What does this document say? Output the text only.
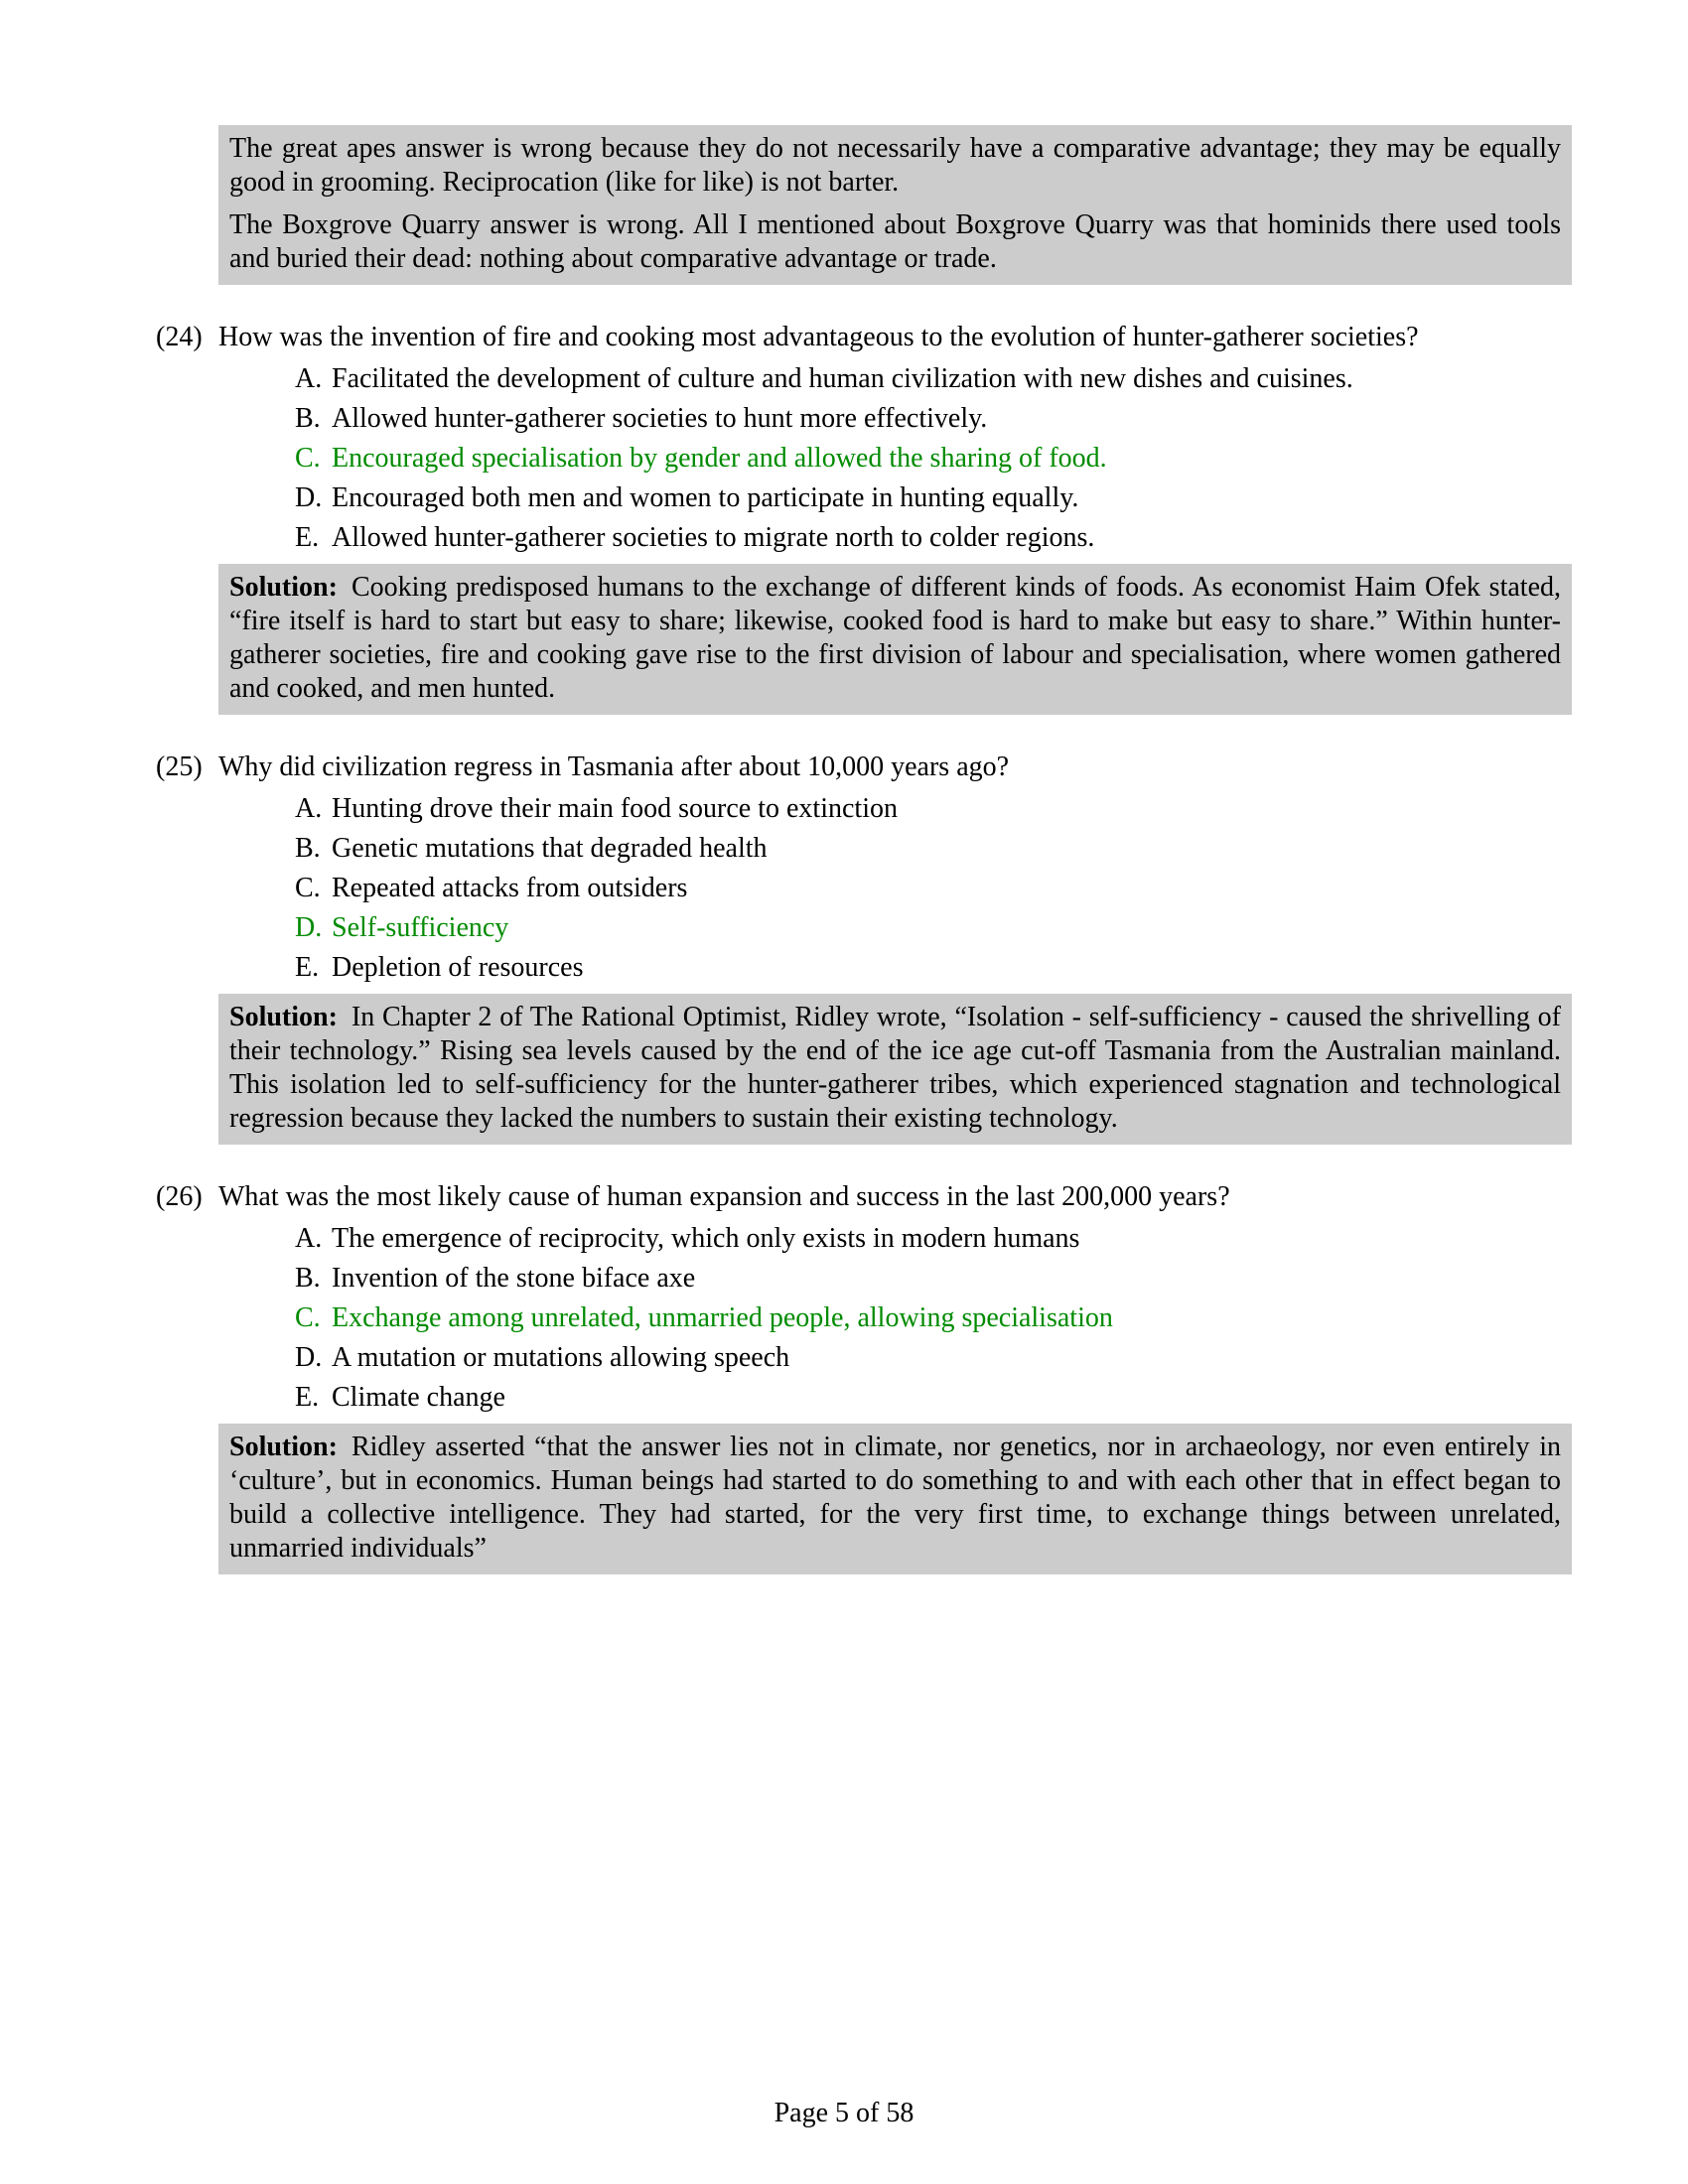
The great apes answer is wrong because they do not necessarily have a comparative advantage; they may be equally good in grooming. Reciprocation (like for like) is not barter.

The Boxgrove Quarry answer is wrong. All I mentioned about Boxgrove Quarry was that hominids there used tools and buried their dead: nothing about comparative advantage or trade.

(24) How was the invention of fire and cooking most advantageous to the evolution of hunter-gatherer societies?
A. Facilitated the development of culture and human civilization with new dishes and cuisines.
B. Allowed hunter-gatherer societies to hunt more effectively.
C. Encouraged specialisation by gender and allowed the sharing of food.
D. Encouraged both men and women to participate in hunting equally.
E. Allowed hunter-gatherer societies to migrate north to colder regions.
Solution: Cooking predisposed humans to the exchange of different kinds of foods. As economist Haim Ofek stated, “fire itself is hard to start but easy to share; likewise, cooked food is hard to make but easy to share.” Within hunter-gatherer societies, fire and cooking gave rise to the first division of labour and specialisation, where women gathered and cooked, and men hunted.
(25) Why did civilization regress in Tasmania after about 10,000 years ago?
A. Hunting drove their main food source to extinction
B. Genetic mutations that degraded health
C. Repeated attacks from outsiders
D. Self-sufficiency
E. Depletion of resources
Solution: In Chapter 2 of The Rational Optimist, Ridley wrote, “Isolation - self-sufficiency - caused the shrivelling of their technology.” Rising sea levels caused by the end of the ice age cut-off Tasmania from the Australian mainland. This isolation led to self-sufficiency for the hunter-gatherer tribes, which experienced stagnation and technological regression because they lacked the numbers to sustain their existing technology.
(26) What was the most likely cause of human expansion and success in the last 200,000 years?
A. The emergence of reciprocity, which only exists in modern humans
B. Invention of the stone biface axe
C. Exchange among unrelated, unmarried people, allowing specialisation
D. A mutation or mutations allowing speech
E. Climate change
Solution: Ridley asserted “that the answer lies not in climate, nor genetics, nor in archaeology, nor even entirely in ‘culture’, but in economics. Human beings had started to do something to and with each other that in effect began to build a collective intelligence. They had started, for the very first time, to exchange things between unrelated, unmarried individuals”
Page 5 of 58
